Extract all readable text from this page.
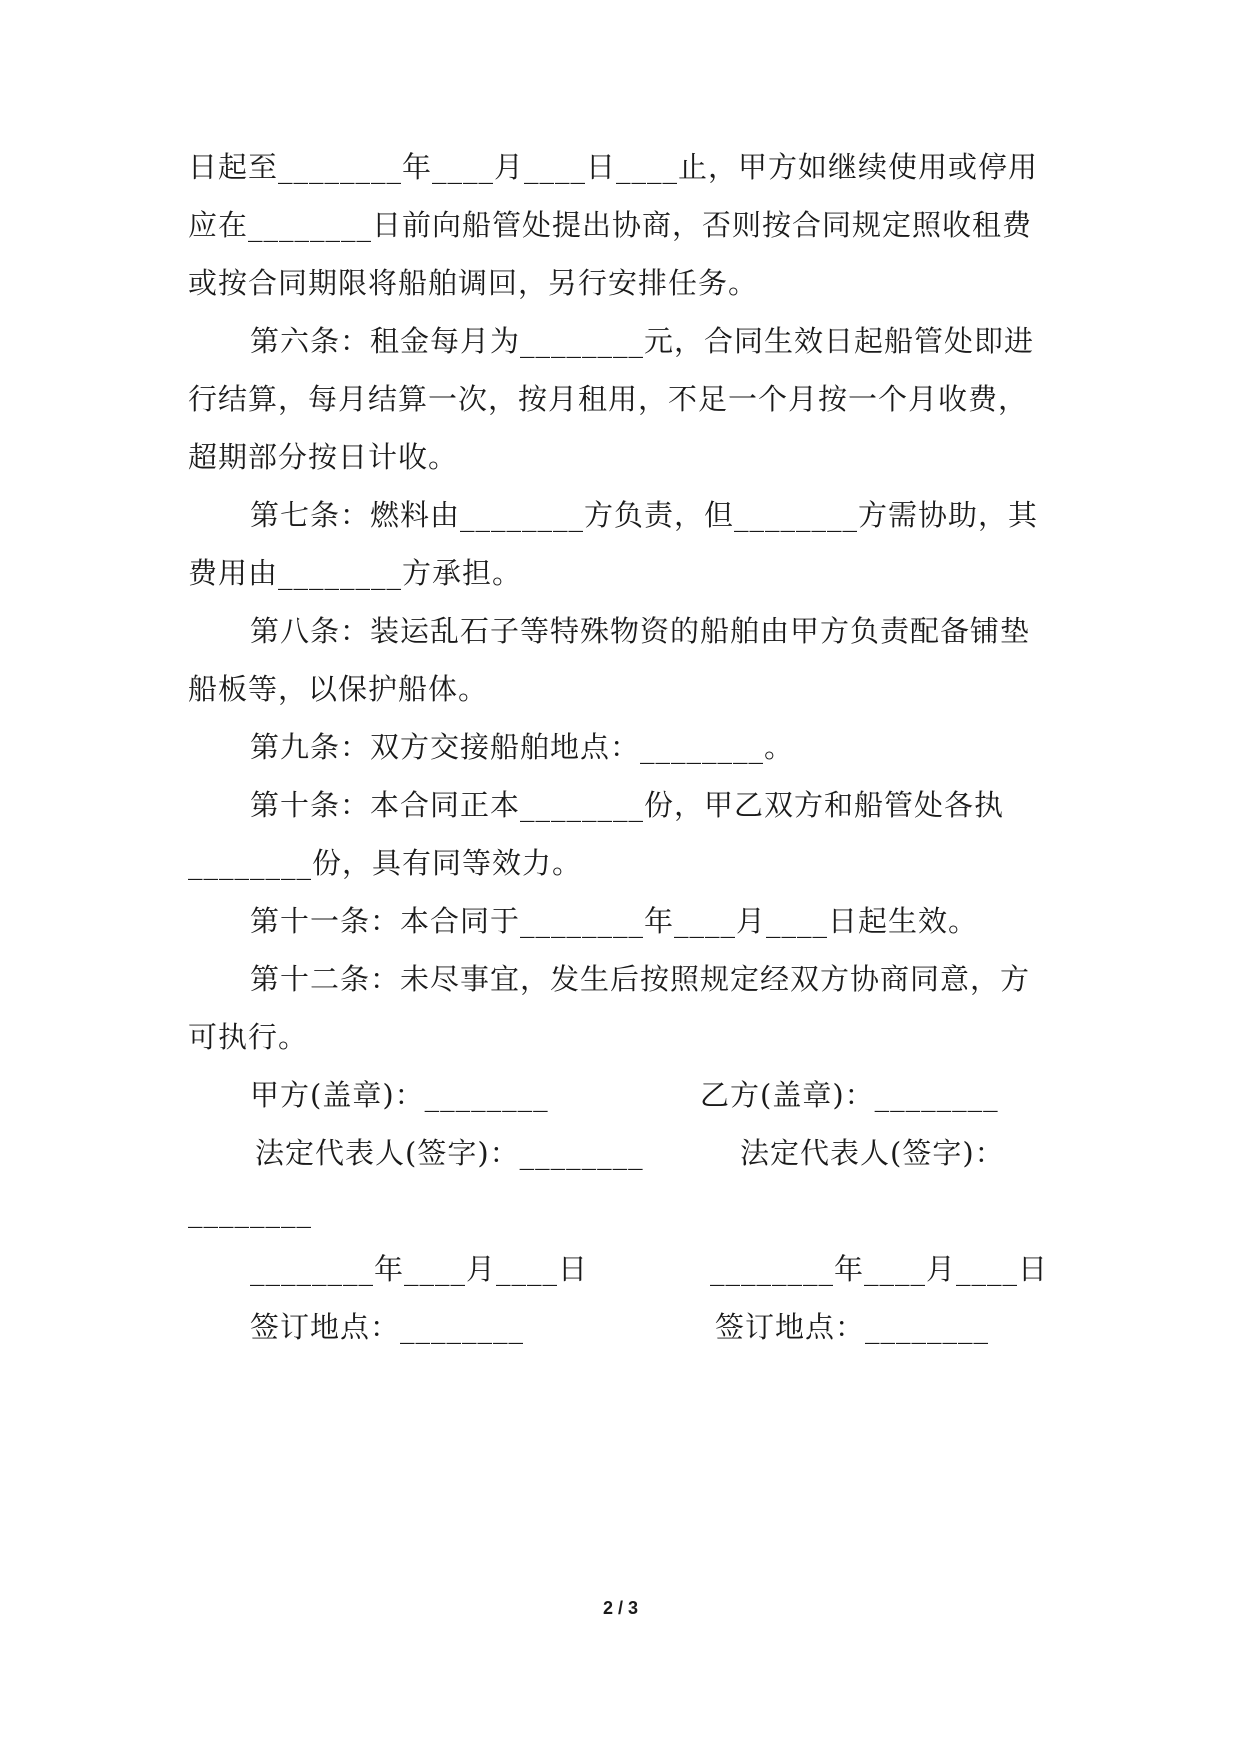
日起至________年____月____日____止，甲方如继续使用或停用
应在________日前向船管处提出协商，否则按合同规定照收租费
或按合同期限将船舶调回，另行安排任务。
第六条：租金每月为________元，合同生效日起船管处即进
行结算，每月结算一次，按月租用，不足一个月按一个月收费，
超期部分按日计收。
第七条：燃料由________方负责，但________方需协助，其
费用由________方承担。
第八条：装运乱石子等特殊物资的船舶由甲方负责配备铺垫
船板等，以保护船体。
第九条：双方交接船舶地点：________。
第十条：本合同正本________份，甲乙双方和船管处各执
________份，具有同等效力。
第十一条：本合同于________年____月____日起生效。
第十二条：未尽事宜，发生后按照规定经双方协商同意，方
可执行。
甲方(盖章)：________	乙方(盖章)：________
法定代表人(签字)：________	法定代表人(签字)：
________
________年____月____日	________年____月____日
签订地点：________	签订地点：________
2 / 3
